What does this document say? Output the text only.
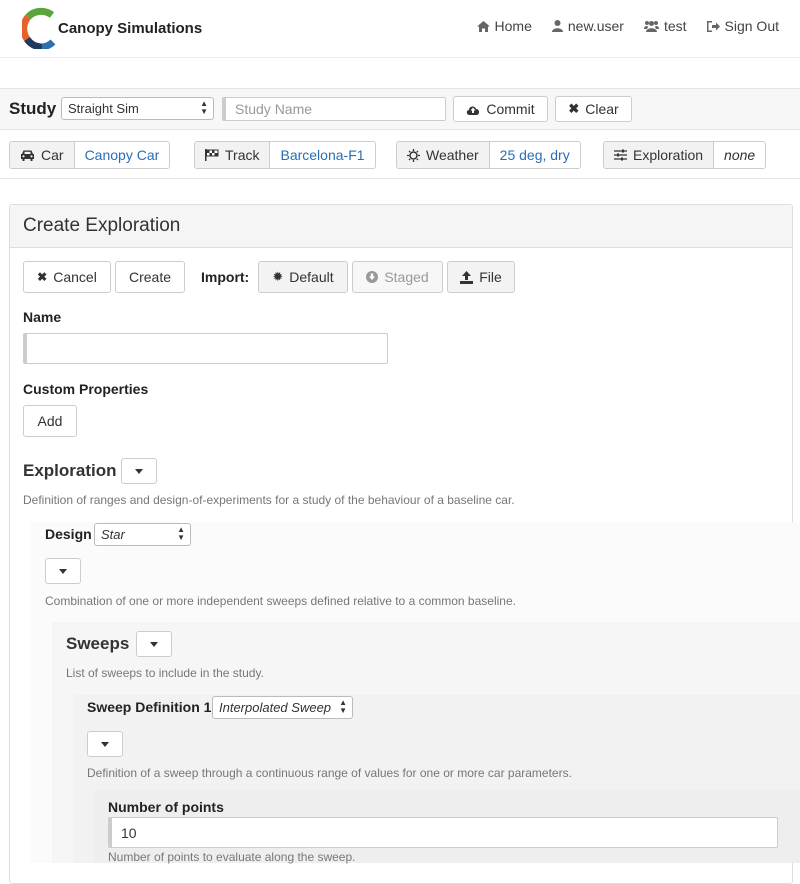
Canopy Simulations	Home	new.user	test	Sign Out
Study Straight Sim	▲
▼	Study Name	Commit	✖ Clear
Car	Canopy Car	Track	Barcelona-F1	Weather	25 deg, dry	Exploration	none
Create Exploration
✖ Cancel Create Import: ✹ Default	Staged	File
Name
Custom Properties
Add
Exploration
Definition of ranges and design-of-experiments for a study of the behaviour of a baseline car.
Design Star	▲
▼
Combination of one or more independent sweeps defined relative to a common baseline.
Sweeps
List of sweeps to include in the study.
Sweep Definition 1 Interpolated Sweep ▲
▼
Definition of a sweep through a continuous range of values for one or more car parameters.
Number of points
10
Number of points to evaluate along the sweep.
